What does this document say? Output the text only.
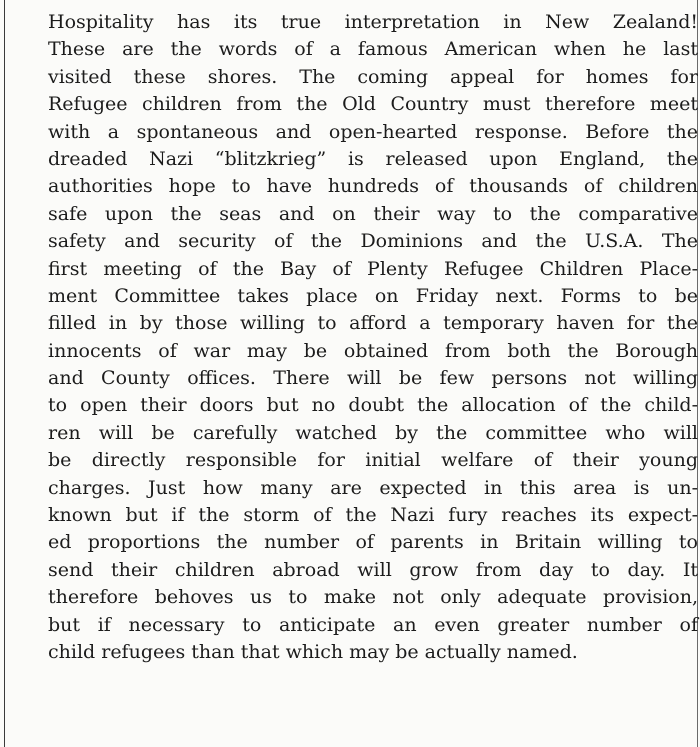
Hospitality has its true interpretation in New Zealand!
These are the words of a famous American when he last
visited these shores. The coming appeal for homes for
Refugee children from the Old Country must therefore meet
with a spontaneous and open-hearted response. Before the
dreaded Nazi “blitzkrieg” is released upon England, the
authorities hope to have hundreds of thousands of children
safe upon the seas and on their way to the comparative
safety and security of the Dominions and the U.S.A. The
first meeting of the Bay of Plenty Refugee Children Place-
ment Committee takes place on Friday next. Forms to be
filled in by those willing to afford a temporary haven for the
innocents of war may be obtained from both the Borough
and County offices. There will be few persons not willing
to open their doors but no doubt the allocation of the child-
ren will be carefully watched by the committee who will
be directly responsible for initial welfare of their young
charges. Just how many are expected in this area is un-
known but if the storm of the Nazi fury reaches its expect-
ed proportions the number of parents in Britain willing to
send their children abroad will grow from day to day. It
therefore behoves us to make not only adequate provision,
but if necessary to anticipate an even greater number of
child refugees than that which may be actually named.
